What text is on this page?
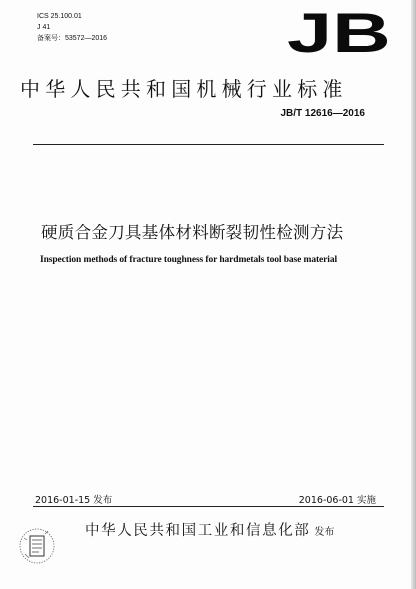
ICS 25.100.01
J 41
备案号：53572—2016	JB
中华人民共和国机械行业标准
JB/T 12616—2016
硬质合金刀具基体材料断裂韧性检测方法
Inspection methods of fracture toughness for hardmetals tool base material
2016-01-15 发布	2016-06-01 实施
中华人民共和国工业和信息化部 发布
